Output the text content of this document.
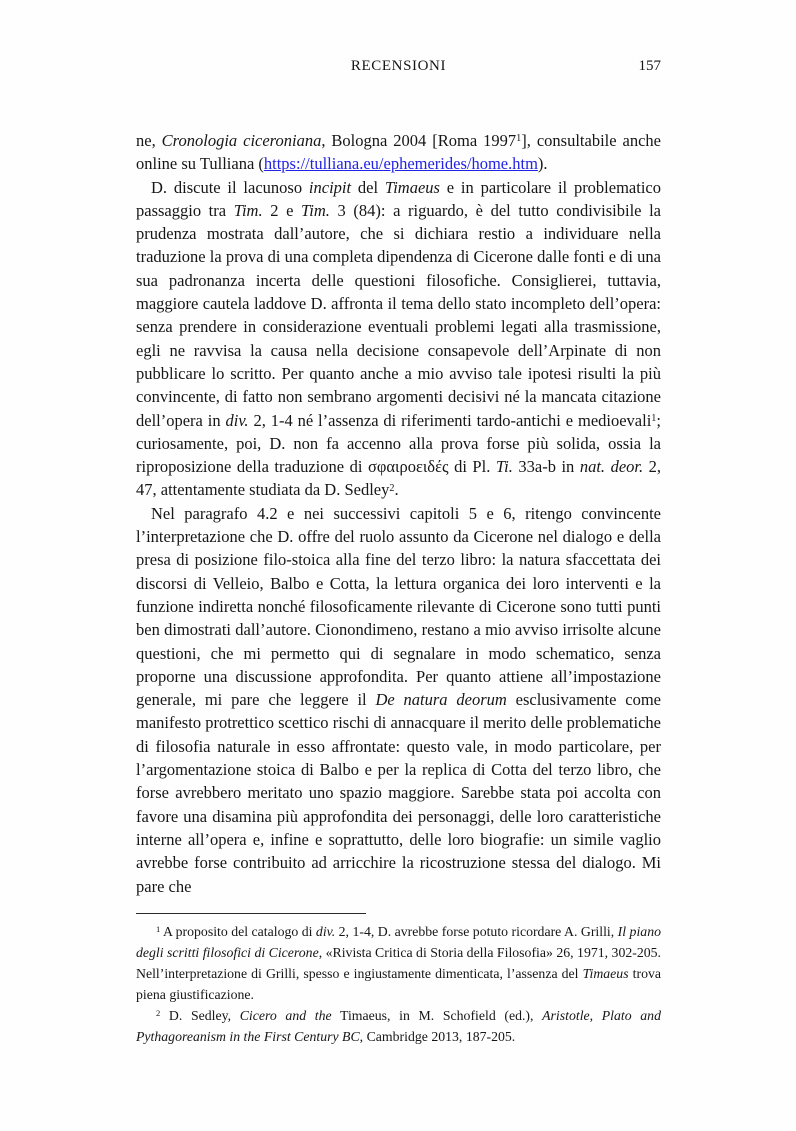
RECENSIONI	157

ne, Cronologia ciceroniana, Bologna 2004 [Roma 1997$^1$], consultabile anche online su Tulliana (https://tulliana.eu/ephemerides/home.htm).

D. discute il lacunoso incipit del Timaeus e in particolare il problematico passaggio tra Tim. 2 e Tim. 3 (84): a riguardo, è del tutto condivisibile la prudenza mostrata dall’autore, che si dichiara restio a individuare nella traduzione la prova di una completa dipendenza di Cicerone dalle fonti e di una sua padronanza incerta delle questioni filosofiche. Consiglierei, tuttavia, maggiore cautela laddove D. affronta il tema dello stato incompleto dell’opera: senza prendere in considerazione eventuali problemi legati alla trasmissione, egli ne ravvisa la causa nella decisione consapevole dell’Arpinate di non pubblicare lo scritto. Per quanto anche a mio avviso tale ipotesi risulti la più convincente, di fatto non sembrano argomenti decisivi né la mancata citazione dell’opera in div. 2, 1-4 né l’assenza di riferimenti tardo-antichi e medioevali$^1$; curiosamente, poi, D. non fa accenno alla prova forse più solida, ossia la riproposizione della traduzione di σφαιροειδές di Pl. Ti. 33a-b in nat. deor. 2, 47, attentamente studiata da D. Sedley$^2$.

Nel paragrafo 4.2 e nei successivi capitoli 5 e 6, ritengo convincente l’interpretazione che D. offre del ruolo assunto da Cicerone nel dialogo e della presa di posizione filo-stoica alla fine del terzo libro: la natura sfaccettata dei discorsi di Velleio, Balbo e Cotta, la lettura organica dei loro interventi e la funzione indiretta nonché filosoficamente rilevante di Cicerone sono tutti punti ben dimostrati dall’autore. Cionondimeno, restano a mio avviso irrisolte alcune questioni, che mi permetto qui di segnalare in modo schematico, senza proporne una discussione approfondita. Per quanto attiene all’impostazione generale, mi pare che leggere il De natura deorum esclusivamente come manifesto protrettico scettico rischi di annacquare il merito delle problematiche di filosofia naturale in esso affrontate: questo vale, in modo particolare, per l’argomentazione stoica di Balbo e per la replica di Cotta del terzo libro, che forse avrebbero meritato uno spazio maggiore. Sarebbe stata poi accolta con favore una disamina più approfondita dei personaggi, delle loro caratteristiche interne all’opera e, infine e soprattutto, delle loro biografie: un simile vaglio avrebbe forse contribuito ad arricchire la ricostruzione stessa del dialogo. Mi pare che

$^1$ A proposito del catalogo di div. 2, 1-4, D. avrebbe forse potuto ricordare A. Grilli, Il piano degli scritti filosofici di Cicerone, «Rivista Critica di Storia della Filosofia» 26, 1971, 302-205. Nell’interpretazione di Grilli, spesso e ingiustamente dimenticata, l’assenza del Timaeus trova piena giustificazione.

$^2$ D. Sedley, Cicero and the Timaeus, in M. Schofield (ed.), Aristotle, Plato and Pythagoreanism in the First Century BC, Cambridge 2013, 187-205.
